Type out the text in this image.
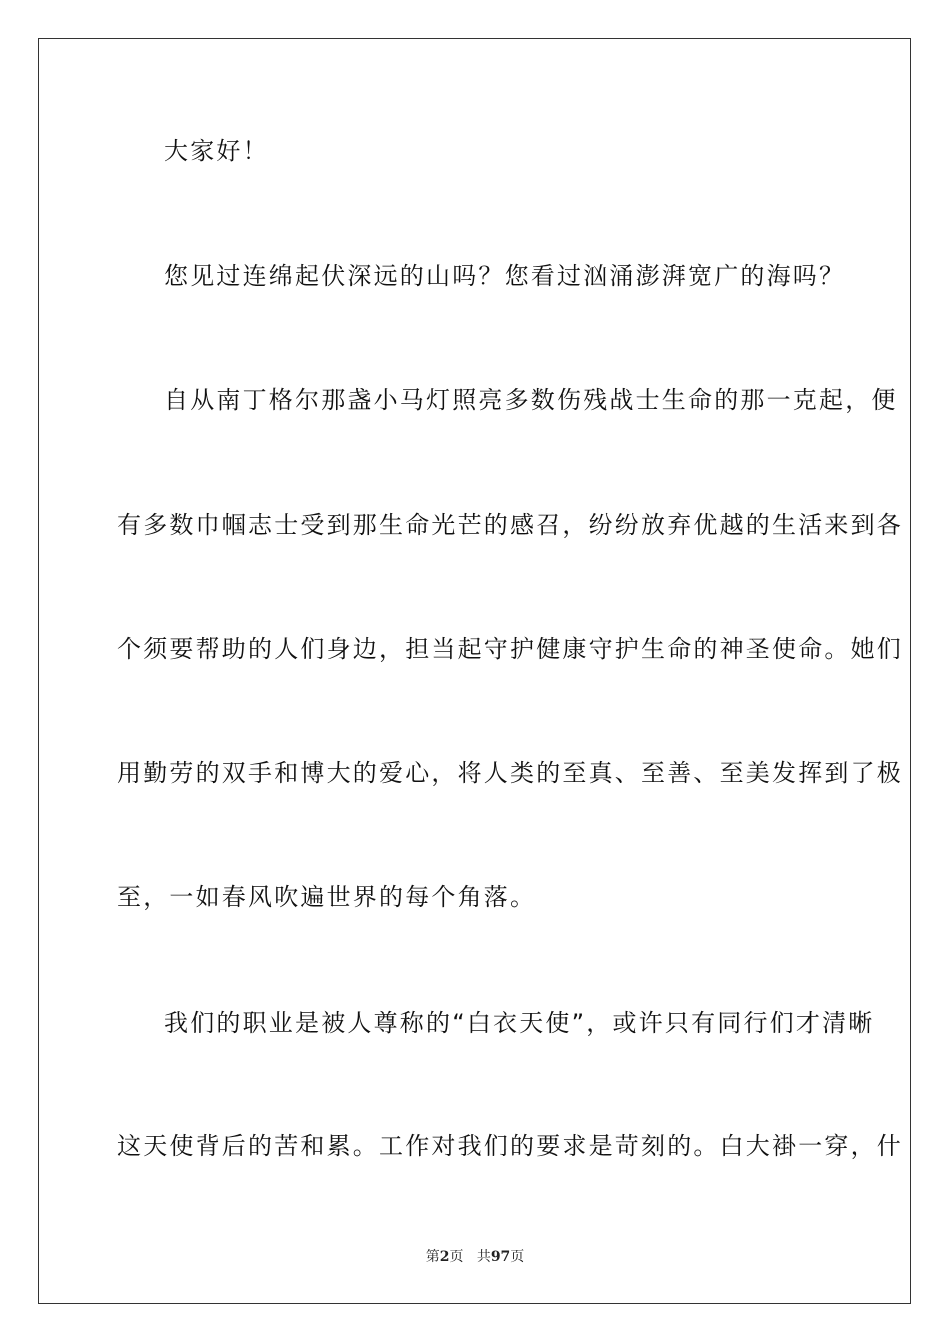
大家好！
您见过连绵起伏深远的山吗？您看过汹涌澎湃宽广的海吗？
自从南丁格尔那盏小马灯照亮多数伤残战士生命的那一克起，便
有多数巾帼志士受到那生命光芒的感召，纷纷放弃优越的生活来到各
个须要帮助的人们身边，担当起守护健康守护生命的神圣使命。她们
用勤劳的双手和博大的爱心，将人类的至真、至善、至美发挥到了极
至，一如春风吹遍世界的每个角落。
我们的职业是被人尊称的“白衣天使”，或许只有同行们才清晰
这天使背后的苦和累。工作对我们的要求是苛刻的。白大褂一穿，什
第2页 共97页
